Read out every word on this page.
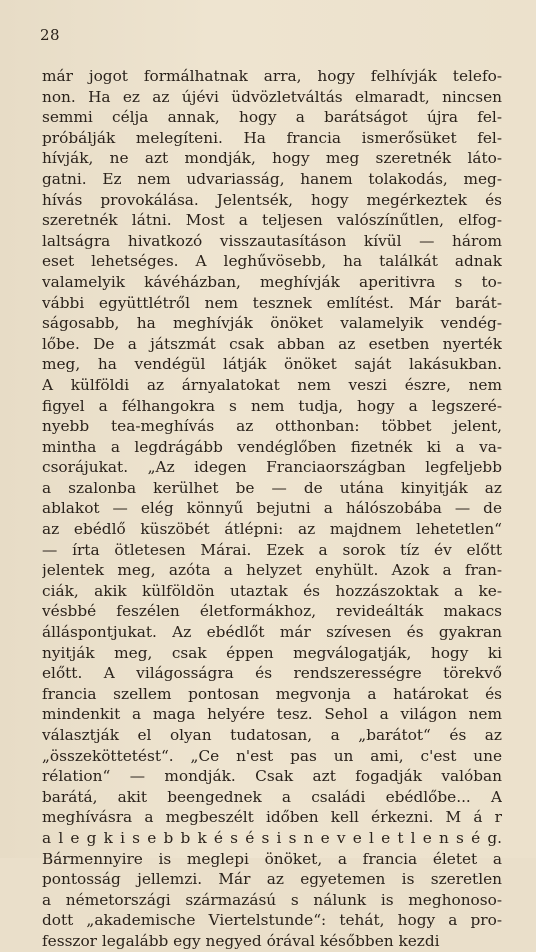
28
már jogot formálhatnak arra, hogy felhívják telefo-
non. Ha ez az újévi üdvözletváltás elmaradt, nincsen
semmi célja annak, hogy a barátságot újra fel-
próbálják melegíteni. Ha francia ismerősüket fel-
hívják, ne azt mondják, hogy meg szeretnék láto-
gatni. Ez nem udvariasság, hanem tolakodás, meg-
hívás provokálása. Jelentsék, hogy megérkeztek és
szeretnék látni. Most a teljesen valószínűtlen, elfog-
laltságra hivatkozó visszautasításon kívül — három
eset lehetséges. A leghűvösebb, ha találkát adnak
valamelyik kávéházban, meghívják aperitivra s to-
vábbi együttlétről nem tesznek említést. Már barát-
ságosabb, ha meghívják önöket valamelyik vendég-
lőbe. De a játszmát csak abban az esetben nyerték
meg, ha vendégül látják önöket saját lakásukban.
A külföldi az árnyalatokat nem veszi észre, nem
figyel a félhangokra s nem tudja, hogy a legszeré-
nyebb tea-meghívás az otthonban: többet jelent,
mintha a legdrágább vendéglőben fizetnék ki a va-
csorájukat. „Az idegen Franciaországban legfeljebb
a szalonba kerülhet be — de utána kinyitják az
ablakot — elég könnyű bejutni a hálószobába — de
az ebédlő küszöbét átlépni: az majdnem lehetetlen“
— írta ötletesen Márai. Ezek a sorok tíz év előtt
jelentek meg, azóta a helyzet enyhült. Azok a fran-
ciák, akik külföldön utaztak és hozzászoktak a ke-
vésbbé feszélen életformákhoz, revideálták makacs
álláspontjukat. Az ebédlőt már szívesen és gyakran
nyitják meg, csak éppen megválogatják, hogy ki
előtt. A világosságra és rendszerességre törekvő
francia szellem pontosan megvonja a határokat és
mindenkit a maga helyére tesz. Sehol a világon nem
választják el olyan tudatosan, a „barátot“ és az
„összeköttetést“. „Ce n'est pas un ami, c'est une
rélation“ — mondják. Csak azt fogadják valóban
barátá, akit beengednek a családi ebédlőbe... A
meghívásra a megbeszélt időben kell érkezni. M á r
a l e g k i s e b b k é s é s i s n e v e l e t l e n s é g.
Bármennyire is meglepi önöket, a francia életet a
pontosság jellemzi. Már az egyetemen is szeretlen
a németországi származású s nálunk is meghonoso-
dott „akademische Viertelstunde“: tehát, hogy a pro-
fesszor legalább egy negyed órával későbben kezdi
